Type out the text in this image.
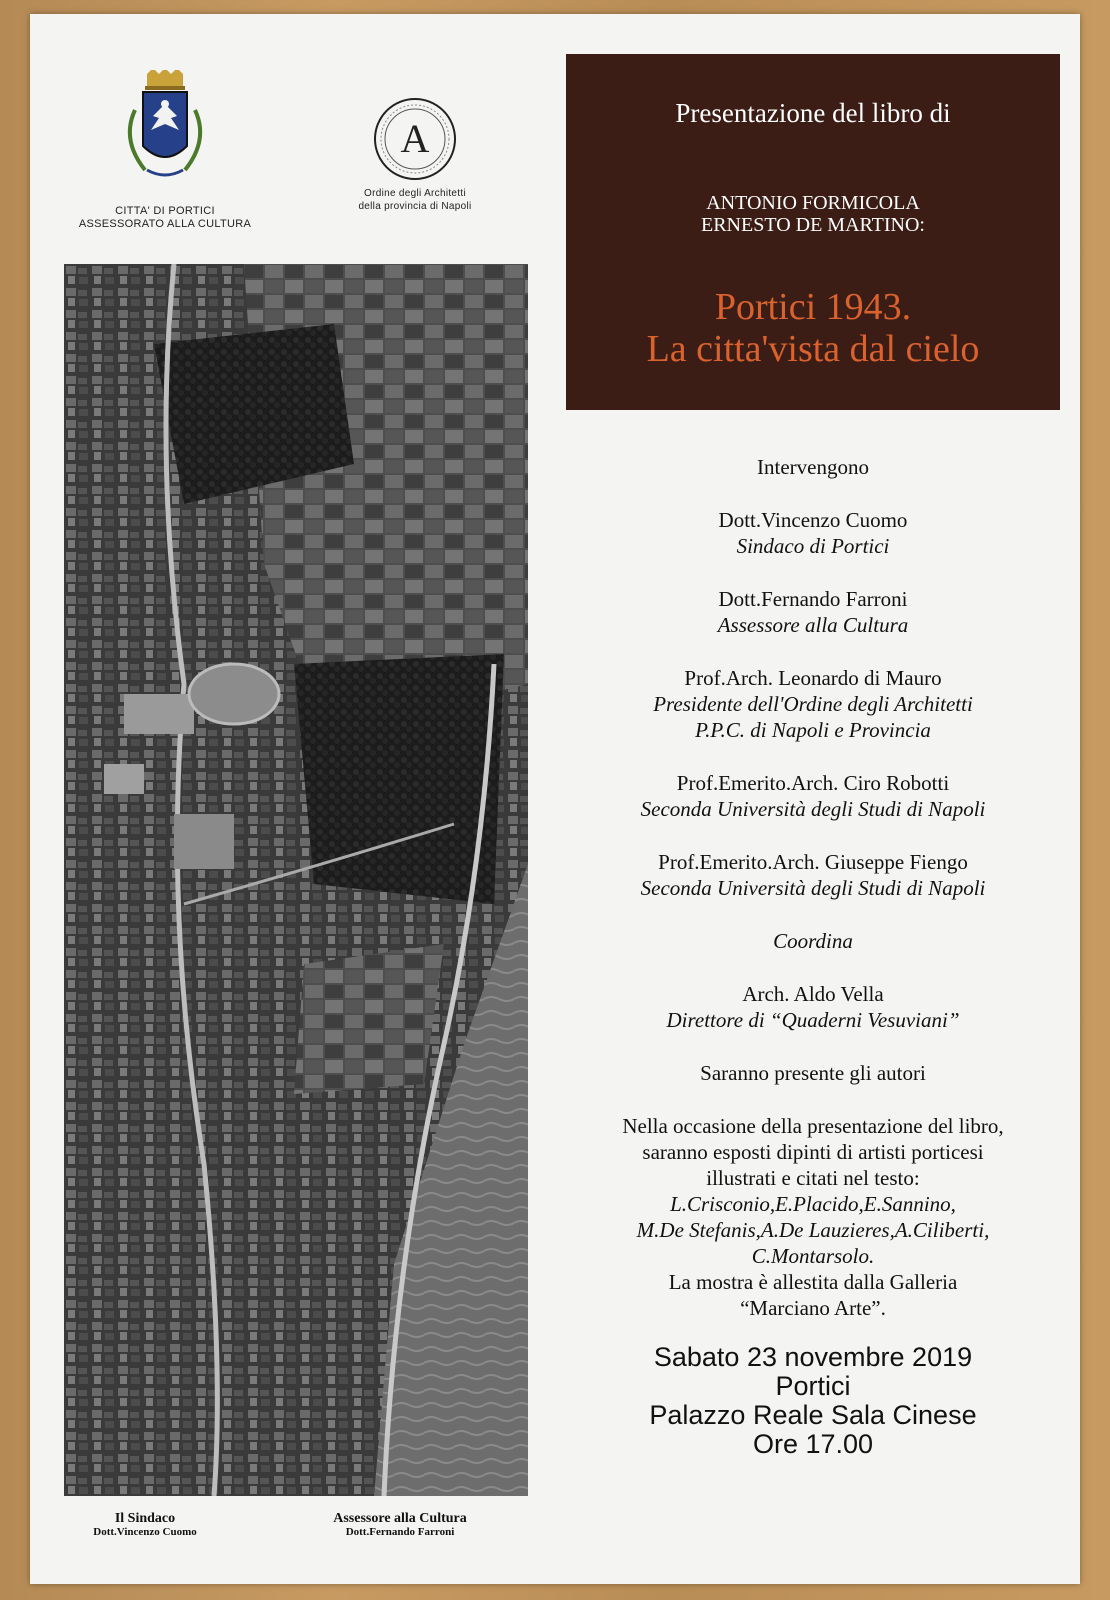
CITTA' DI PORTICI
ASSESSORATO ALLA CULTURA
A
Ordine degli Architetti
della provincia di Napoli
Presentazione del libro di
ANTONIO FORMICOLA
ERNESTO DE MARTINO:
Portici 1943.
La citta'vista dal cielo
Intervengono
Dott.Vincenzo Cuomo
Sindaco di Portici
Dott.Fernando Farroni
Assessore alla Cultura
Prof.Arch. Leonardo di Mauro
Presidente dell'Ordine degli Architetti
P.P.C. di Napoli e Provincia
Prof.Emerito.Arch. Ciro Robotti
Seconda Università degli Studi di Napoli
Prof.Emerito.Arch. Giuseppe Fiengo
Seconda Università degli Studi di Napoli
Coordina
Arch. Aldo Vella
Direttore di “Quaderni Vesuviani”
Saranno presente gli autori
Nella occasione della presentazione del libro,
saranno esposti dipinti di artisti porticesi
illustrati e citati nel testo:
L.Crisconio,E.Placido,E.Sannino,
M.De Stefanis,A.De Lauzieres,A.Ciliberti,
C.Montarsolo.
La mostra è allestita dalla Galleria
“Marciano Arte”.
Sabato 23 novembre 2019
Portici
Palazzo Reale Sala Cinese
Ore 17.00
Il Sindaco
Dott.Vincenzo Cuomo
Assessore alla Cultura
Dott.Fernando Farroni
